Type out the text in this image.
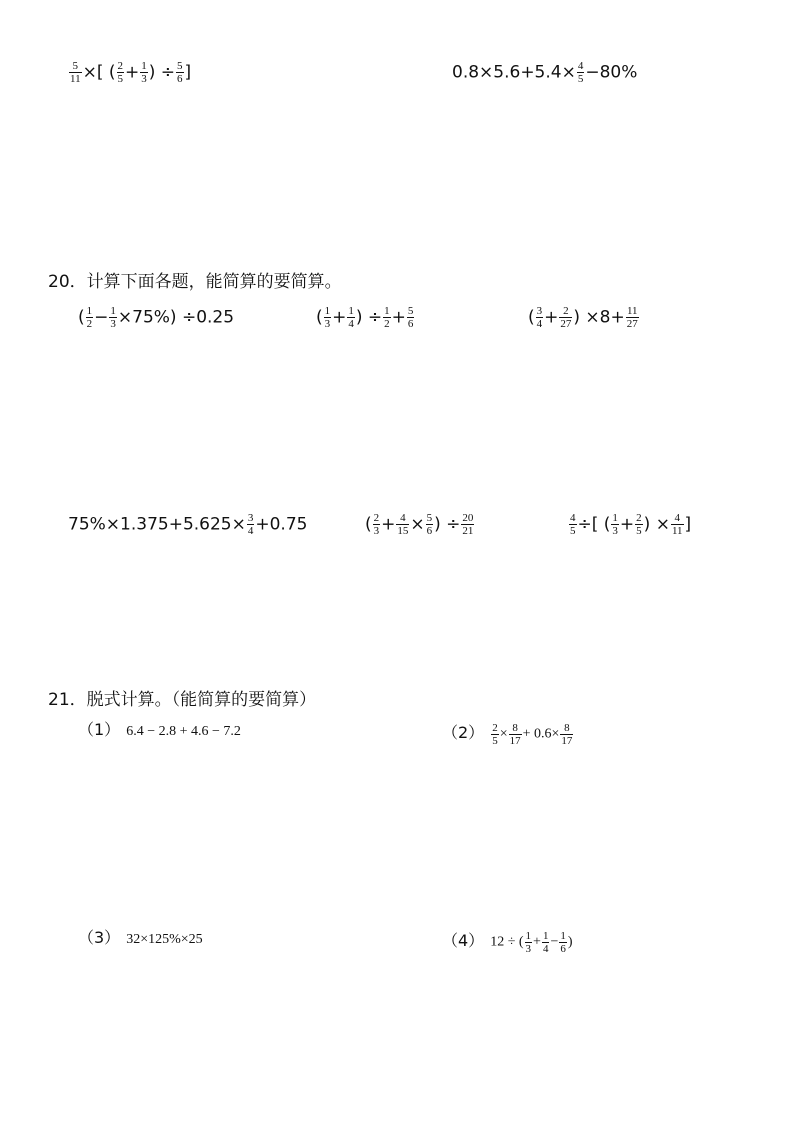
$\frac{5}{11}$ ×[ ( $\frac{2}{5} + \frac{1}{3}$ ) ÷ $\frac{5}{6}$ ]	$0.8\times 5.6+5.4\times \frac{4}{5} -80\%$
20．计算下面各题，能简算的要简算。
( $\frac{1}{2} - \frac{1}{3} \times 75\%) \div 0.25$	( $\frac{1}{3} + \frac{1}{4}$ ) ÷ $\frac{1}{2} + \frac{5}{6}$	( $\frac{3}{4} + \frac{2}{27}$ ) $\times 8+ \frac{11}{27}$
$75\%\times 1.375+5.625\times \frac{3}{4} +0.75$	( $\frac{2}{3} + \frac{4}{15} \times \frac{5}{6}$ ) ÷ $\frac{20}{21}$	$\frac{4}{5}$ ÷[ ( $\frac{1}{3} + \frac{2}{5}$ ) × $\frac{4}{11}$ ]
21．脱式计算。（能简算的要简算）
（1） 6.4 − 2.8 + 4.6 − 7.2	$(2) \frac{2}{5} \times \frac{8}{17} + 0.6\times \frac{8}{17}$
（3） 32×125%×25	（4） 12 ÷ ( $\frac{1}{3} + \frac{1}{4} - \frac{1}{6}$ )
